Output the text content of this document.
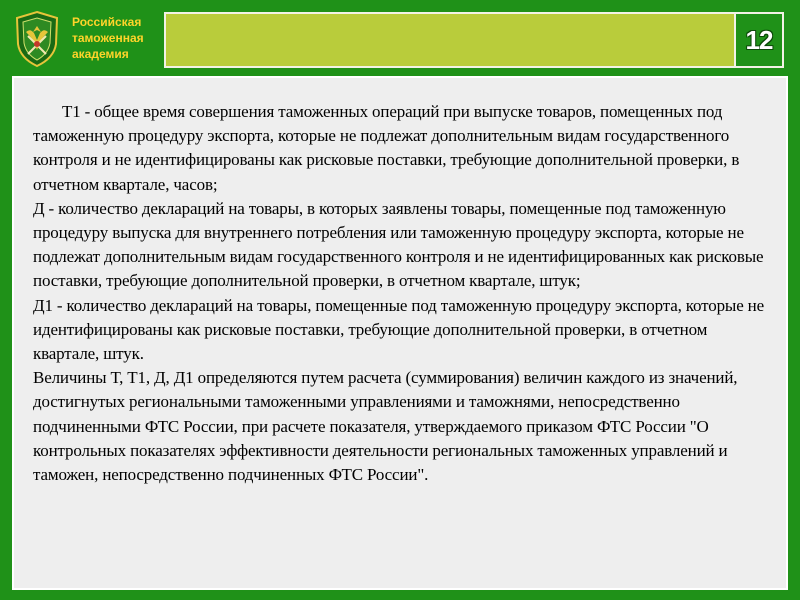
Российская
таможенная
академия	12

Т1 - общее время совершения таможенных операций при выпуске товаров, помещенных под таможенную процедуру экспорта, которые не подлежат дополнительным видам государственного контроля и не идентифицированы как рисковые поставки, требующие дополнительной проверки, в отчетном квартале, часов;

Д - количество деклараций на товары, в которых заявлены товары, помещенные под таможенную процедуру выпуска для внутреннего потребления или таможенную процедуру экспорта, которые не подлежат дополнительным видам государственного контроля и не идентифицированных как рисковые поставки, требующие дополнительной проверки, в отчетном квартале, штук;

Д1 - количество деклараций на товары, помещенные под таможенную процедуру экспорта, которые не идентифицированы как рисковые поставки, требующие дополнительной проверки, в отчетном квартале, штук.

Величины Т, Т1, Д, Д1 определяются путем расчета (суммирования) величин каждого из значений, достигнутых региональными таможенными управлениями и таможнями, непосредственно подчиненными ФТС России, при расчете показателя, утверждаемого приказом ФТС России "О контрольных показателях эффективности деятельности региональных таможенных управлений и таможен, непосредственно подчиненных ФТС России".
